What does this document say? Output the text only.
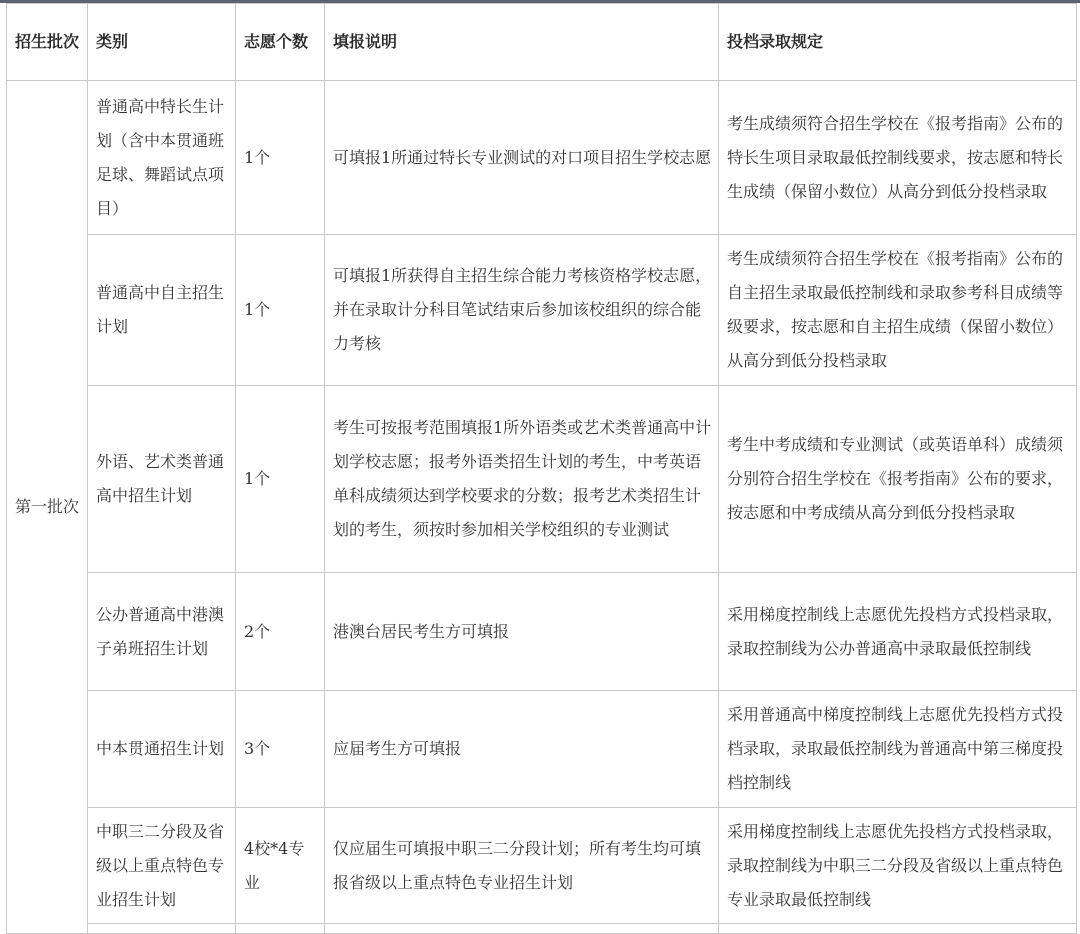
招生批次	类别	志愿个数	填报说明	投档录取规定
第一批次	普通高中特长生计划（含中本贯通班足球、舞蹈试点项目）	1个	可填报1所通过特长专业测试的对口项目招生学校志愿	考生成绩须符合招生学校在《报考指南》公布的特长生项目录取最低控制线要求，按志愿和特长生成绩（保留小数位）从高分到低分投档录取
	普通高中自主招生计划	1个	可填报1所获得自主招生综合能力考核资格学校志愿，并在录取计分科目笔试结束后参加该校组织的综合能力考核	考生成绩须符合招生学校在《报考指南》公布的自主招生录取最低控制线和录取参考科目成绩等级要求，按志愿和自主招生成绩（保留小数位）从高分到低分投档录取
	外语、艺术类普通高中招生计划	1个	考生可按报考范围填报1所外语类或艺术类普通高中计划学校志愿；报考外语类招生计划的考生，中考英语单科成绩须达到学校要求的分数；报考艺术类招生计划的考生，须按时参加相关学校组织的专业测试	考生中考成绩和专业测试（或英语单科）成绩须分别符合招生学校在《报考指南》公布的要求，按志愿和中考成绩从高分到低分投档录取
	公办普通高中港澳子弟班招生计划	2个	港澳台居民考生方可填报	采用梯度控制线上志愿优先投档方式投档录取，录取控制线为公办普通高中录取最低控制线
	中本贯通招生计划	3个	应届考生方可填报	采用普通高中梯度控制线上志愿优先投档方式投档录取，录取最低控制线为普通高中第三梯度投档控制线
	中职三二分段及省级以上重点特色专业招生计划	4校*4专业	仅应届生可填报中职三二分段计划；所有考生均可填报省级以上重点特色专业招生计划	采用梯度控制线上志愿优先投档方式投档录取，录取控制线为中职三二分段及省级以上重点特色专业录取最低控制线
